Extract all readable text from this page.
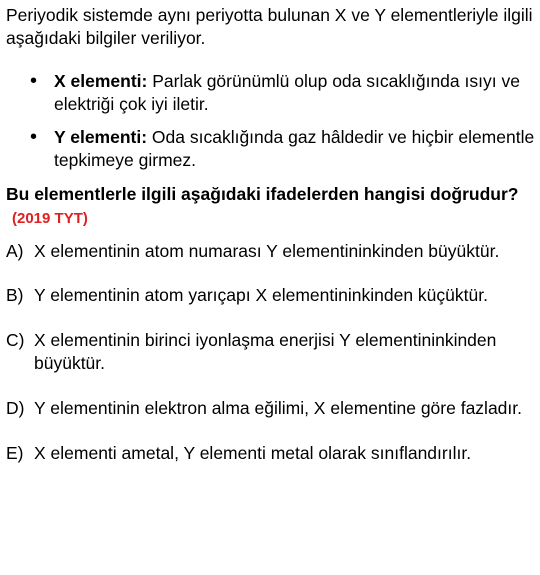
Periyodik sistemde aynı periyotta bulunan X ve Y elementleriyle ilgili aşağıdaki bilgiler veriliyor.

• X elementi: Parlak görünümlü olup oda sıcaklığında ısıyı ve elektriği çok iyi iletir.
• Y elementi: Oda sıcaklığında gaz hâldedir ve hiçbir elementle tepkimeye girmez.
Bu elementlerle ilgili aşağıdaki ifadelerden hangisi doğrudur?(2019 TYT)
A) X elementinin atom numarası Y elementininkinden büyüktür.
B) Y elementinin atom yarıçapı X elementininkinden küçüktür.
C) X elementinin birinci iyonlaşma enerjisi Y elementininkinden büyüktür.
D) Y elementinin elektron alma eğilimi, X elementine göre fazladır.
E) X elementi ametal, Y elementi metal olarak sınıflandırılır.
